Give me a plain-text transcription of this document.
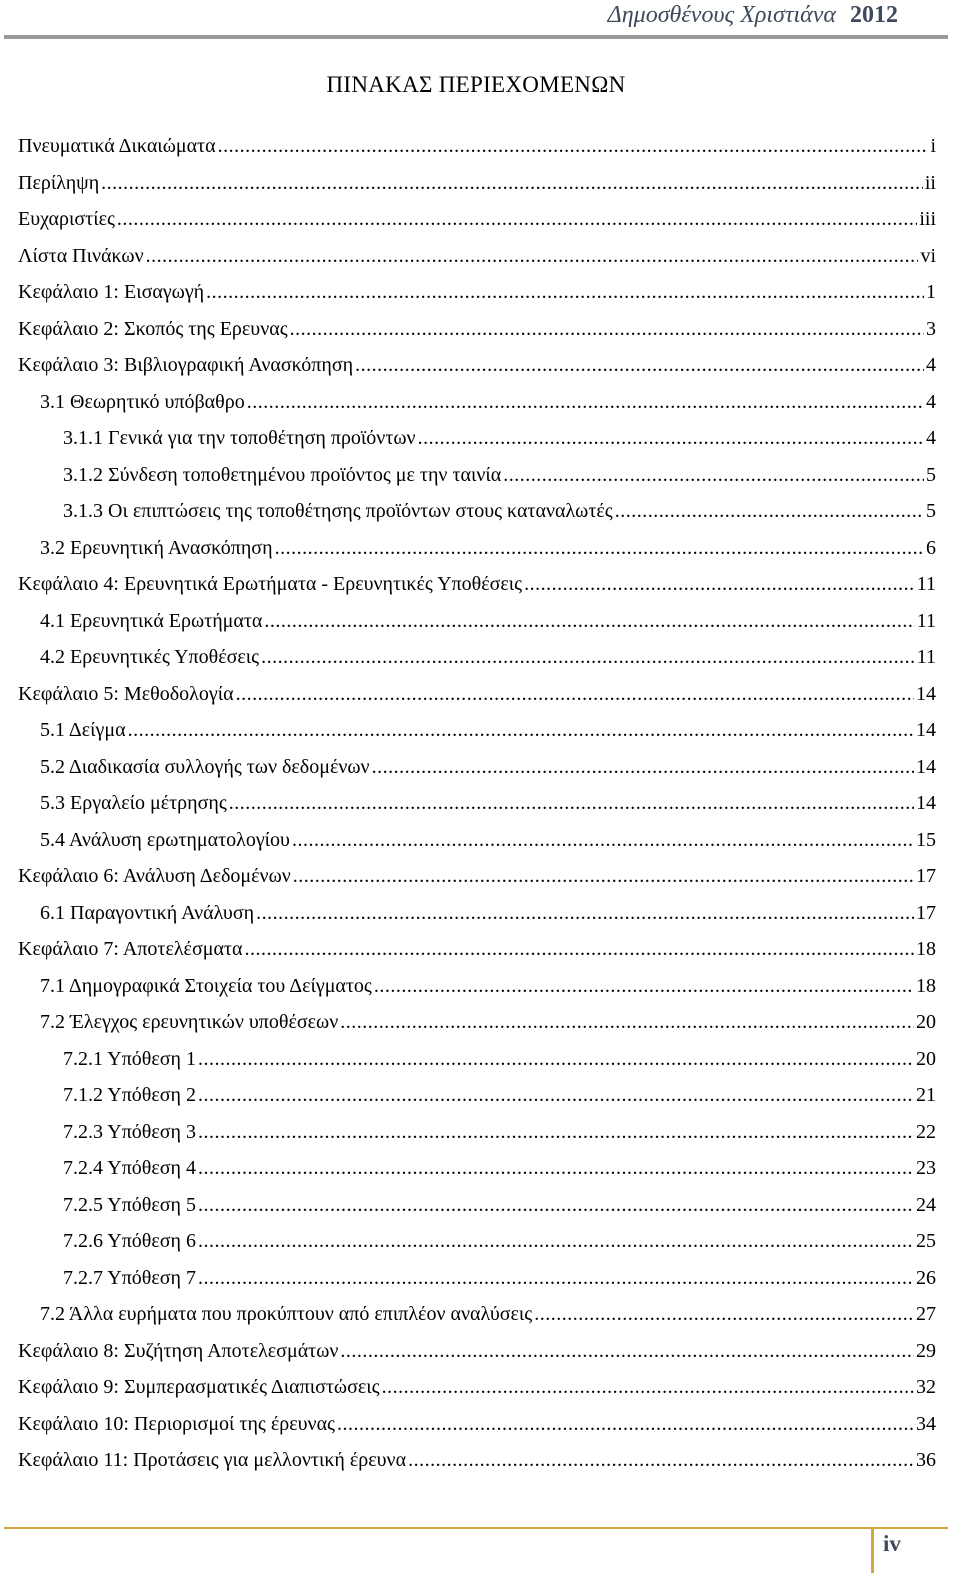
Δημοσθένους Χριστιάνα 2012
ΠΙΝΑΚΑΣ ΠΕΡΙΕΧΟΜΕΝΩΝ
Πνευματικά Δικαιώματα .....	i
Περίληψη .....	ii
Ευχαριστίες .....	iii
Λίστα Πινάκων .....	vi
Κεφάλαιο 1: Εισαγωγή .....	1
Κεφάλαιο 2: Σκοπός της Ερευνας .....	3
Κεφάλαιο 3: Βιβλιογραφική Ανασκόπηση .....	4
3.1 Θεωρητικό υπόβαθρο .....	4
3.1.1 Γενικά για την τοποθέτηση προϊόντων .....	4
3.1.2 Σύνδεση τοποθετημένου προϊόντος με την ταινία .....	5
3.1.3 Οι επιπτώσεις της τοποθέτησης προϊόντων στους καταναλωτές .....	5
3.2 Ερευνητική Ανασκόπηση .....	6
Κεφάλαιο 4: Ερευνητικά Ερωτήματα - Ερευνητικές Υποθέσεις .....	11
4.1 Ερευνητικά Ερωτήματα .....	11
4.2 Ερευνητικές Υποθέσεις .....	11
Κεφάλαιο 5: Μεθοδολογία .....	14
5.1 Δείγμα .....	14
5.2 Διαδικασία συλλογής των δεδομένων .....	14
5.3 Εργαλείο μέτρησης .....	14
5.4 Ανάλυση ερωτηματολογίου .....	15
Κεφάλαιο 6: Ανάλυση Δεδομένων .....	17
6.1 Παραγοντική Ανάλυση .....	17
Κεφάλαιο 7: Αποτελέσματα .....	18
7.1 Δημογραφικά Στοιχεία του Δείγματος .....	18
7.2 Έλεγχος ερευνητικών υποθέσεων .....	20
7.2.1 Υπόθεση 1 .....	20
7.1.2 Υπόθεση 2 .....	21
7.2.3 Υπόθεση 3 .....	22
7.2.4 Υπόθεση 4 .....	23
7.2.5 Υπόθεση 5 .....	24
7.2.6 Υπόθεση 6 .....	25
7.2.7 Υπόθεση 7 .....	26
7.2 Άλλα ευρήματα που προκύπτουν από επιπλέον αναλύσεις .....	27
Κεφάλαιο 8: Συζήτηση Αποτελεσμάτων .....	29
Κεφάλαιο 9: Συμπερασματικές Διαπιστώσεις .....	32
Κεφάλαιο 10: Περιορισμοί της έρευνας .....	34
Κεφάλαιο 11: Προτάσεις για μελλοντική έρευνα .....	36
iv
